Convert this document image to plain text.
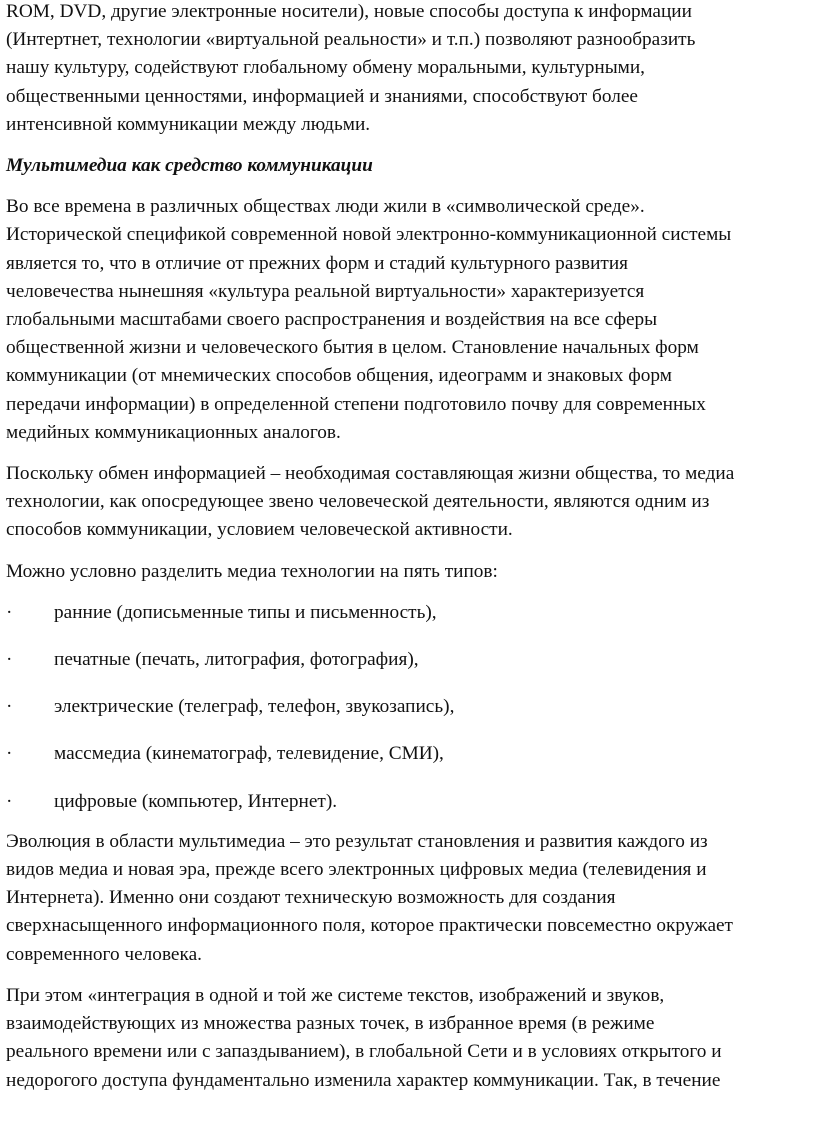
ROM, DVD, другие электронные носители), новые способы доступа к информации
(Интертнет, технологии «виртуальной реальности» и т.п.) позволяют разнообразить
нашу культуру, содействуют глобальному обмену моральными, культурными,
общественными ценностями, информацией и знаниями, способствуют более
интенсивной коммуникации между людьми.

Мультимедиа как средство коммуникации

Во все времена в различных обществах люди жили в «символической среде».
Исторической спецификой современной новой электронно-коммуникационной системы
является то, что в отличие от прежних форм и стадий культурного развития
человечества нынешняя «культура реальной виртуальности» характеризуется
глобальными масштабами своего распространения и воздействия на все сферы
общественной жизни и человеческого бытия в целом. Становление начальных форм
коммуникации (от мнемических способов общения, идеограмм и знаковых форм
передачи информации) в определенной степени подготовило почву для современных
медийных коммуникационных аналогов.

Поскольку обмен информацией – необходимая составляющая жизни общества, то медиа
технологии, как опосредующее звено человеческой деятельности, являются одним из
способов коммуникации, условием человеческой активности.

Можно условно разделить медиа технологии на пять типов:

· ранние (дописьменные типы и письменность),
· печатные (печать, литография, фотография),
· электрические (телеграф, телефон, звукозапись),
· массмедиа (кинематограф, телевидение, СМИ),
· цифровые (компьютер, Интернет).

Эволюция в области мультимедиа – это результат становления и развития каждого из
видов медиа и новая эра, прежде всего электронных цифровых медиа (телевидения и
Интернета). Именно они создают техническую возможность для создания
сверхнасыщенного информационного поля, которое практически повсеместно окружает
современного человека.

При этом «интеграция в одной и той же системе текстов, изображений и звуков,
взаимодействующих из множества разных точек, в избранное время (в режиме
реального времени или с запаздыванием), в глобальной Сети и в условиях открытого и
недорогого доступа фундаментально изменила характер коммуникации. Так, в течение
